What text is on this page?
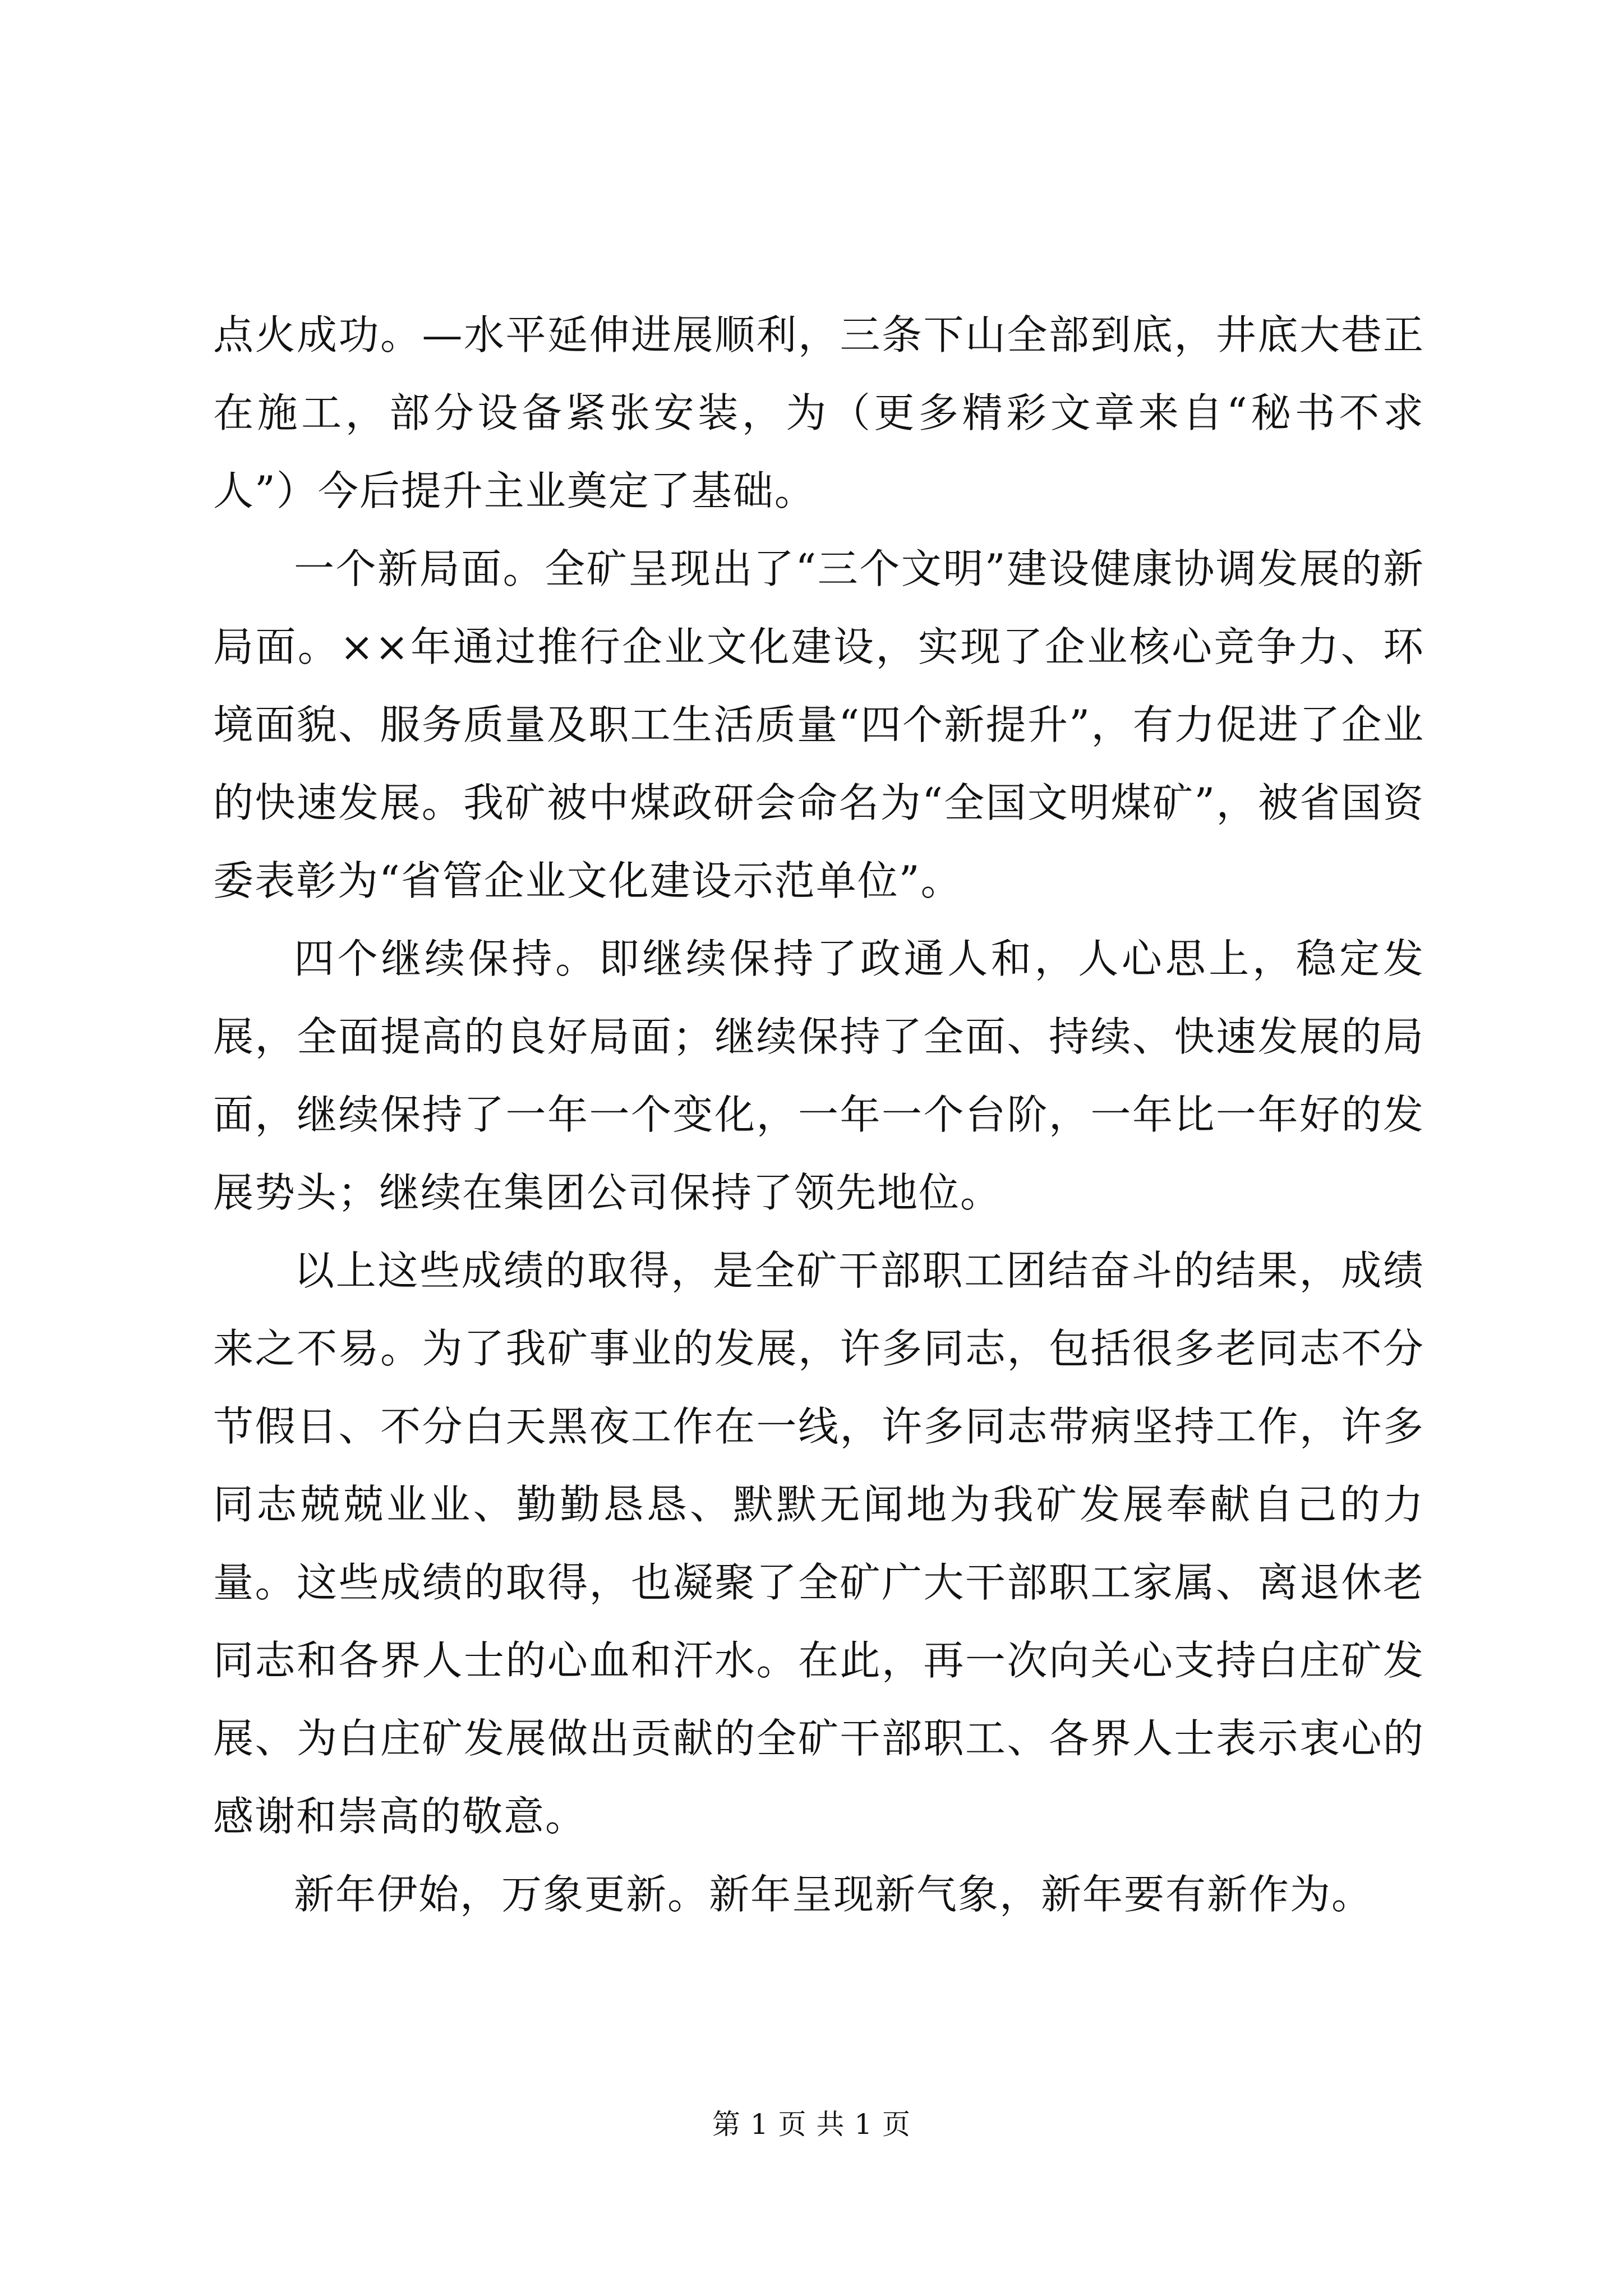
点火成功。—水平延伸进展顺利，三条下山全部到底，井底大巷正在施工，部分设备紧张安装，为（更多精彩文章来自“秘书不求人”）今后提升主业奠定了基础。

一个新局面。全矿呈现出了“三个文明”建设健康协调发展的新局面。××年通过推行企业文化建设，实现了企业核心竞争力、环境面貌、服务质量及职工生活质量“四个新提升”，有力促进了企业的快速发展。我矿被中煤政研会命名为“全国文明煤矿”，被省国资委表彰为“省管企业文化建设示范单位”。

四个继续保持。即继续保持了政通人和，人心思上，稳定发展，全面提高的良好局面；继续保持了全面、持续、快速发展的局面，继续保持了一年一个变化，一年一个台阶，一年比一年好的发展势头；继续在集团公司保持了领先地位。

以上这些成绩的取得，是全矿干部职工团结奋斗的结果，成绩来之不易。为了我矿事业的发展，许多同志，包括很多老同志不分节假日、不分白天黑夜工作在一线，许多同志带病坚持工作，许多同志兢兢业业、勤勤恳恳、默默无闻地为我矿发展奉献自己的力量。这些成绩的取得，也凝聚了全矿广大干部职工家属、离退休老同志和各界人士的心血和汗水。在此，再一次向关心支持白庄矿发展、为白庄矿发展做出贡献的全矿干部职工、各界人士表示衷心的感谢和崇高的敬意。

新年伊始，万象更新。新年呈现新气象，新年要有新作为。

第 1 页 共 1 页
